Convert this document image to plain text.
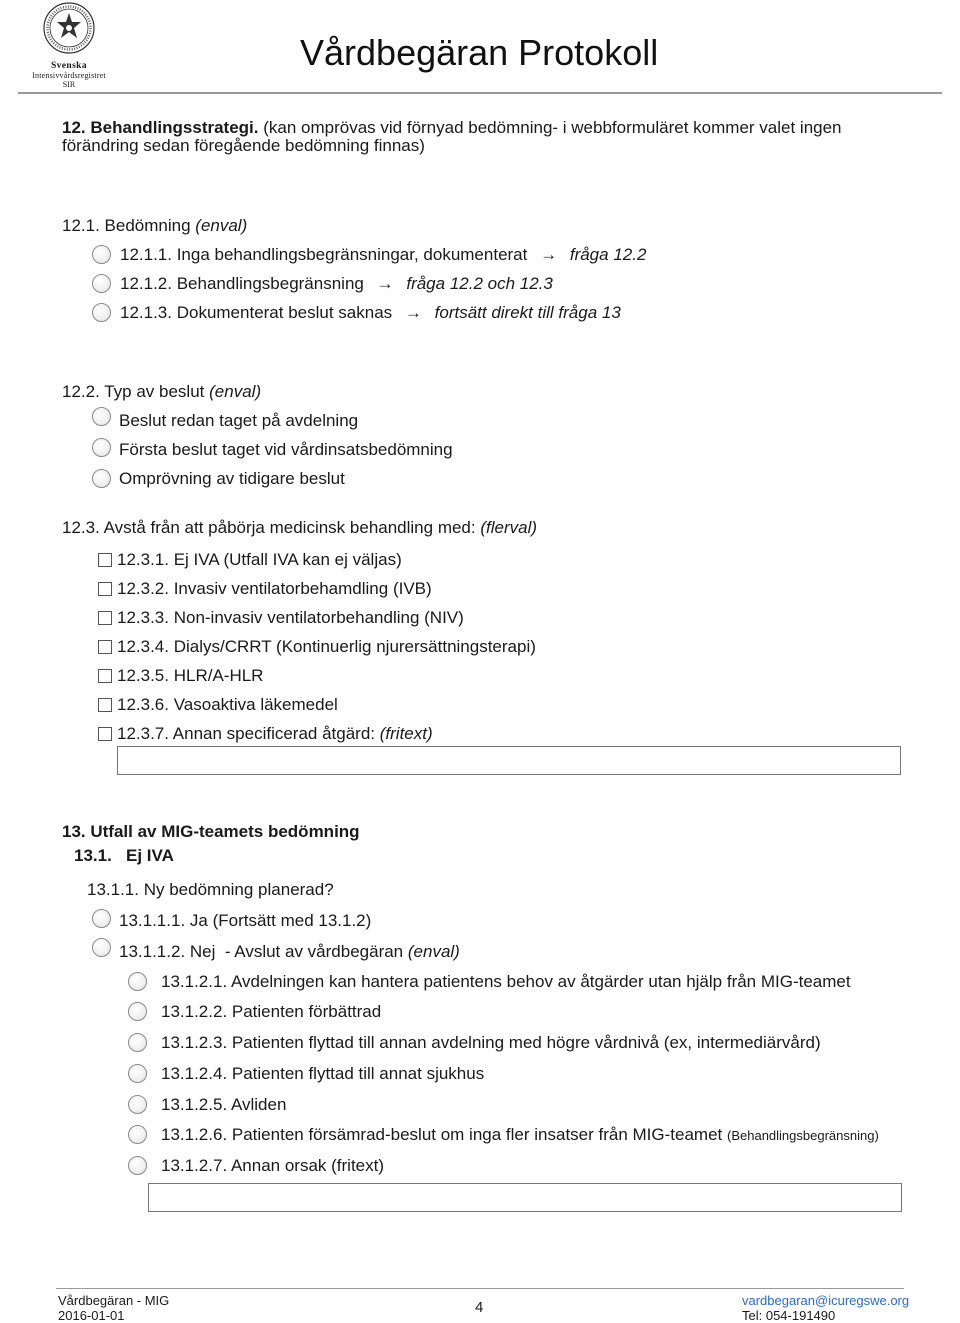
Svenska
Intensivvårdsregistret
SIR
Vårdbegäran Protokoll
12. Behandlingsstrategi. (kan omprövas vid förnyad bedömning- i webbformuläret kommer valet ingen
förändring sedan föregående bedömning finnas)
12.1. Bedömning (enval)
12.1.1. Inga behandlingsbegränsningar, dokumenterat → fråga 12.2
12.1.2. Behandlingsbegränsning → fråga 12.2 och 12.3
12.1.3. Dokumenterat beslut saknas → fortsätt direkt till fråga 13
12.2. Typ av beslut (enval)
Beslut redan taget på avdelning
Första beslut taget vid vårdinsatsbedömning
Omprövning av tidigare beslut
12.3. Avstå från att påbörja medicinsk behandling med: (flerval)
12.3.1. Ej IVA (Utfall IVA kan ej väljas)
12.3.2. Invasiv ventilatorbehamdling (IVB)
12.3.3. Non-invasiv ventilatorbehandling (NIV)
12.3.4. Dialys/CRRT (Kontinuerlig njurersättningsterapi)
12.3.5. HLR/A-HLR
12.3.6. Vasoaktiva läkemedel
12.3.7. Annan specificerad åtgärd: (fritext)
13. Utfall av MIG-teamets bedömning
13.1.   Ej IVA
13.1.1. Ny bedömning planerad?
13.1.1.1. Ja (Fortsätt med 13.1.2)
13.1.1.2. Nej  - Avslut av vårdbegäran (enval)
13.1.2.1. Avdelningen kan hantera patientens behov av åtgärder utan hjälp från MIG-teamet
13.1.2.2. Patienten förbättrad
13.1.2.3. Patienten flyttad till annan avdelning med högre vårdnivå (ex, intermediärvård)
13.1.2.4. Patienten flyttad till annat sjukhus
13.1.2.5. Avliden
13.1.2.6. Patienten försämrad-beslut om inga fler insatser från MIG-teamet (Behandlingsbegränsning)
13.1.2.7. Annan orsak (fritext)
Vårdbegäran - MIG
2016-01-01	4	vardbegaran@icuregswe.org
Tel: 054-191490
